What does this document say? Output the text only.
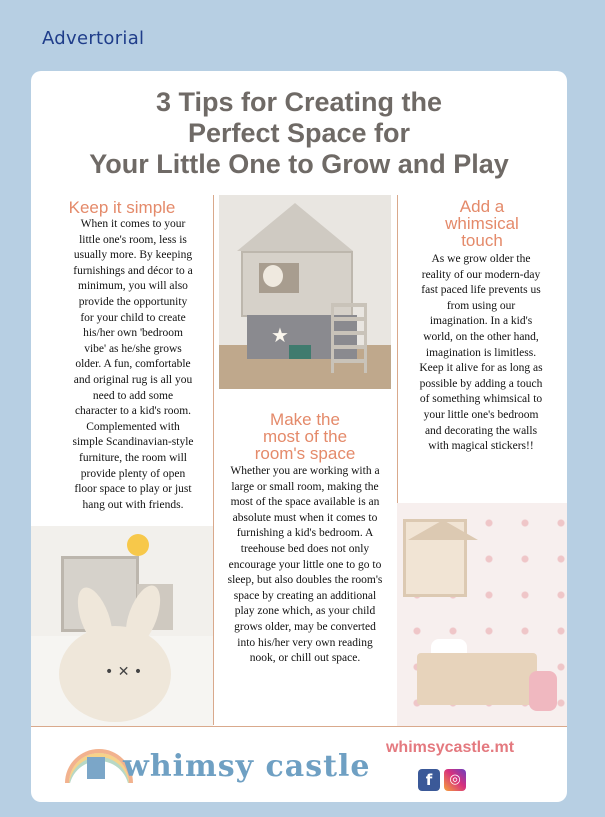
Advertorial
3 Tips for Creating the
Perfect Space for
Your Little One to Grow and Play
Keep it simple
When it comes to your little one's room, less is usually more. By keeping furnishings and décor to a minimum, you will also provide the opportunity for your child to create his/her own 'bedroom vibe' as he/she grows older. A fun, comfortable and original rug is all you need to add some character to a kid's room. Complemented with simple Scandinavian-style furniture, the room will provide plenty of open floor space to play or just hang out with friends.
★
Make the
most of the
room's space
Whether you are working with a large or small room, making the most of the space available is an absolute must when it comes to furnishing a kid's bedroom. A treehouse bed does not only encourage your little one to go to sleep, but also doubles the room's space by creating an additional play zone which, as your child grows older, may be converted into his/her very own reading nook, or chill out space.
Add a
whimsical
touch
As we grow older the reality of our modern-day fast paced life prevents us from using our imagination. In a kid's world, on the other hand, imagination is limitless. Keep it alive for as long as possible by adding a touch of something whimsical to your little one's bedroom and decorating the walls with magical stickers!!
• ✕ •
whimsy castle
whimsycastle.mt
f	◎
